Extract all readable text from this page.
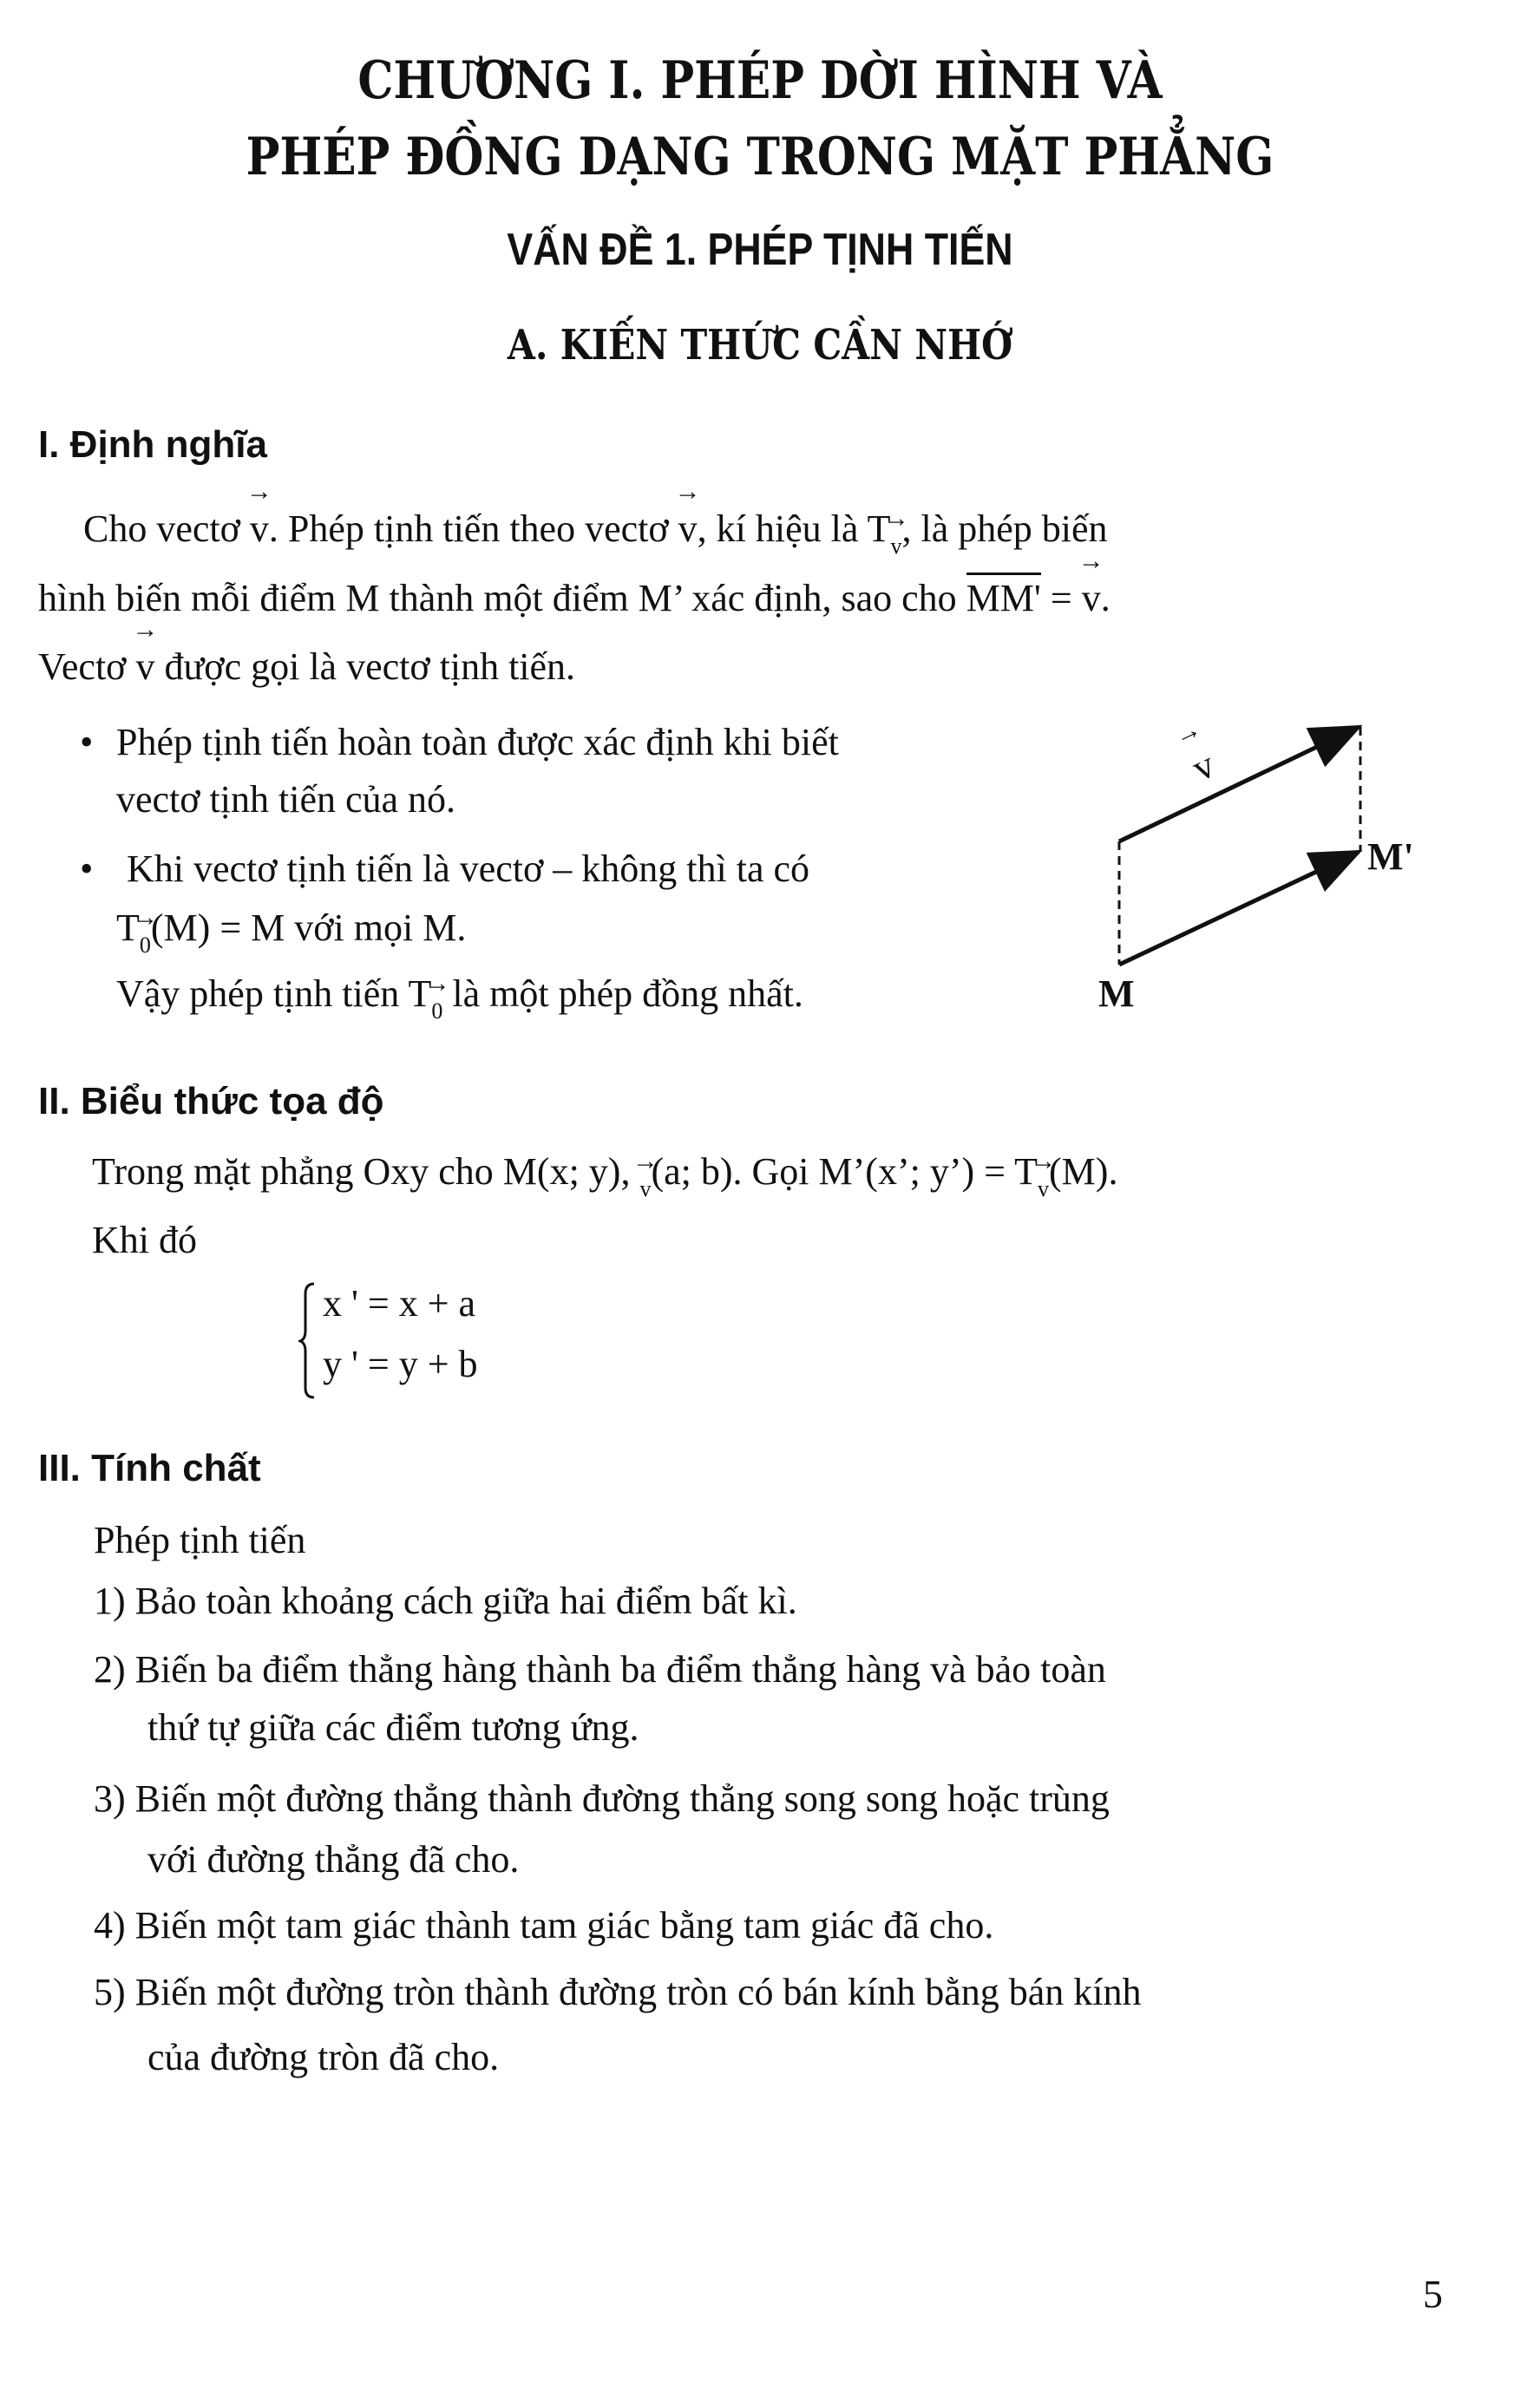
CHƯƠNG I. PHÉP DỜI HÌNH VÀ
PHÉP ĐỒNG DẠNG TRONG MẶT PHẲNG
VẤN ĐỀ 1. PHÉP TỊNH TIẾN
A. KIẾN THỨC CẦN NHỚ
I. Định nghĩa
Cho vectơ → v. Phép tịnh tiến theo vectơ → v, kí hiệu là T→ v, là phép biến
hình biến mỗi điểm M thành một điểm M’ xác định, sao cho MM' = → v.
Vectơ → v được gọi là vectơ tịnh tiến.
• Phép tịnh tiến hoàn toàn được xác định khi biết
vectơ tịnh tiến của nó.
• Khi vectơ tịnh tiến là vectơ – không thì ta có
T→ 0(M) = M với mọi M.
Vậy phép tịnh tiến T→ 0 là một phép đồng nhất.
→ v
M'
M
II. Biểu thức tọa độ
Trong mặt phẳng Oxy cho M(x; y), → v(a; b). Gọi M’(x’; y’) = T→ v(M).
Khi đó
x ' = x + a
y ' = y + b
III. Tính chất
Phép tịnh tiến
1) Bảo toàn khoảng cách giữa hai điểm bất kì.
2) Biến ba điểm thẳng hàng thành ba điểm thẳng hàng và bảo toàn
thứ tự giữa các điểm tương ứng.
3) Biến một đường thẳng thành đường thẳng song song hoặc trùng
với đường thẳng đã cho.
4) Biến một tam giác thành tam giác bằng tam giác đã cho.
5) Biến một đường tròn thành đường tròn có bán kính bằng bán kính
của đường tròn đã cho.
5
